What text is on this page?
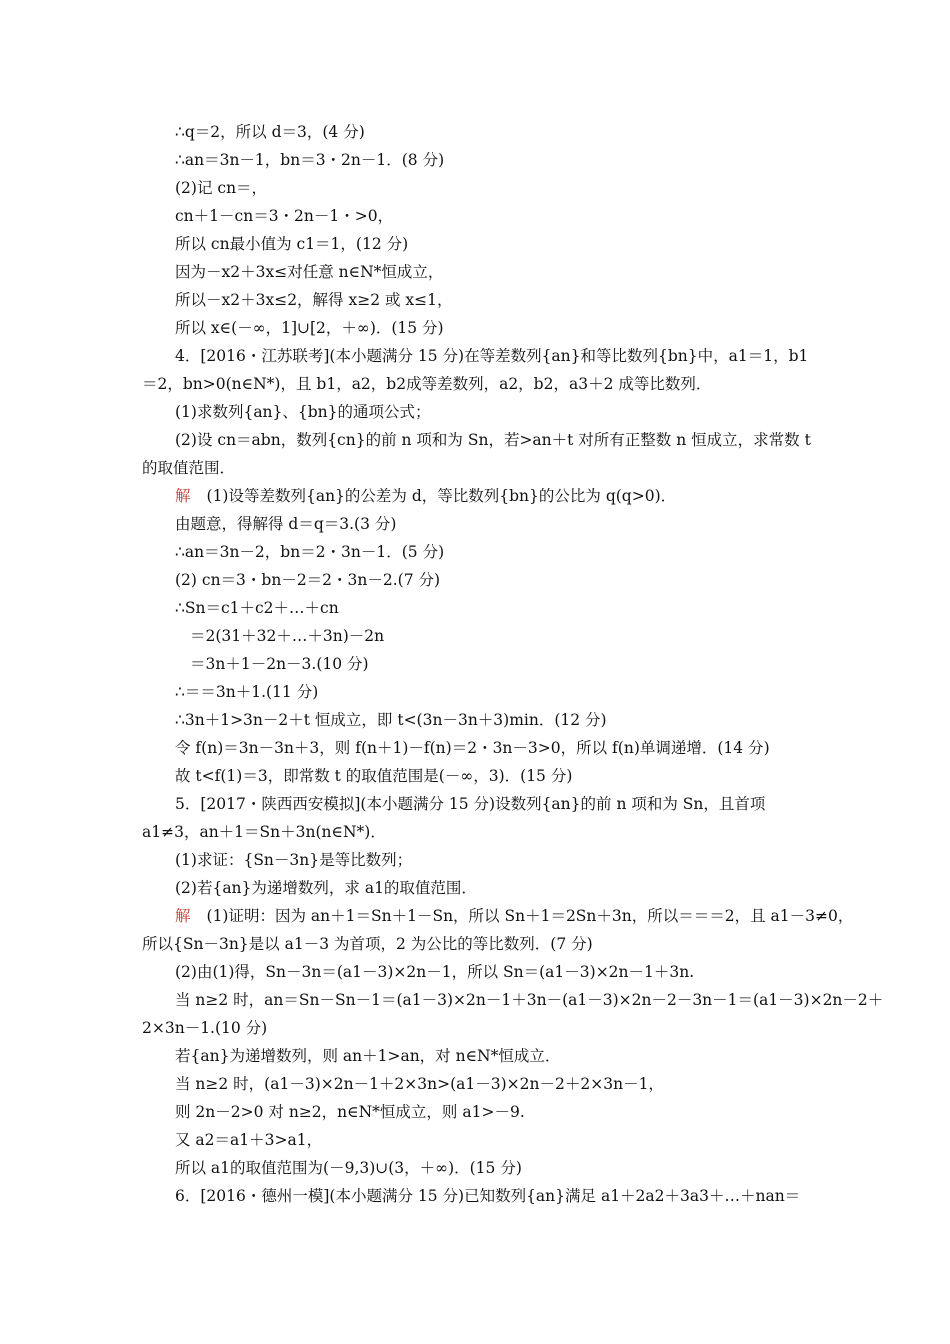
∴q＝2，所以 d＝3，(4 分)
∴an＝3n－1，bn＝3・2n－1．(8 分)
(2)记 cn＝，
cn＋1－cn＝3・2n－1・>0，
所以 cn最小值为 c1＝1，(12 分)
因为－x2＋3x≤对任意 n∈N*恒成立，
所以－x2＋3x≤2，解得 x≥2 或 x≤1，
所以 x∈(－∞，1]∪[2，＋∞)．(15 分)
4．[2016・江苏联考](本小题满分 15 分)在等差数列{an}和等比数列{bn}中，a1＝1，b1
＝2，bn>0(n∈N*)，且 b1，a2，b2成等差数列，a2，b2，a3＋2 成等比数列．
(1)求数列{an}、{bn}的通项公式；
(2)设 cn＝abn，数列{cn}的前 n 项和为 Sn，若>an＋t 对所有正整数 n 恒成立，求常数 t
的取值范围．
解 (1)设等差数列{an}的公差为 d，等比数列{bn}的公比为 q(q>0)．
由题意，得解得 d＝q＝3.(3 分)
∴an＝3n－2，bn＝2・3n－1．(5 分)
(2) cn＝3・bn－2＝2・3n－2.(7 分)
∴Sn＝c1＋c2＋…＋cn
＝2(31＋32＋…＋3n)－2n
＝3n＋1－2n－3.(10 分)
∴＝＝3n＋1.(11 分)
∴3n＋1>3n－2＋t 恒成立，即 t<(3n－3n＋3)min．(12 分)
令 f(n)＝3n－3n＋3，则 f(n＋1)－f(n)＝2・3n－3>0，所以 f(n)单调递增．(14 分)
故 t<f(1)＝3，即常数 t 的取值范围是(－∞，3)．(15 分)
5．[2017・陕西西安模拟](本小题满分 15 分)设数列{an}的前 n 项和为 Sn，且首项
a1≠3，an＋1＝Sn＋3n(n∈N*)．
(1)求证：{Sn－3n}是等比数列；
(2)若{an}为递增数列，求 a1的取值范围．
解 (1)证明：因为 an＋1＝Sn＋1－Sn，所以 Sn＋1＝2Sn＋3n，所以＝＝＝2，且 a1－3≠0，
所以{Sn－3n}是以 a1－3 为首项，2 为公比的等比数列．(7 分)
(2)由(1)得，Sn－3n＝(a1－3)×2n－1，所以 Sn＝(a1－3)×2n－1＋3n.
当 n≥2 时，an＝Sn－Sn－1＝(a1－3)×2n－1＋3n－(a1－3)×2n－2－3n－1＝(a1－3)×2n－2＋
2×3n－1.(10 分)
若{an}为递增数列，则 an＋1>an，对 n∈N*恒成立．
当 n≥2 时，(a1－3)×2n－1＋2×3n>(a1－3)×2n－2＋2×3n－1，
则 2n－2>0 对 n≥2，n∈N*恒成立，则 a1>－9.
又 a2＝a1＋3>a1，
所以 a1的取值范围为(－9,3)∪(3，＋∞)．(15 分)
6．[2016・德州一模](本小题满分 15 分)已知数列{an}满足 a1＋2a2＋3a3＋…＋nan＝
